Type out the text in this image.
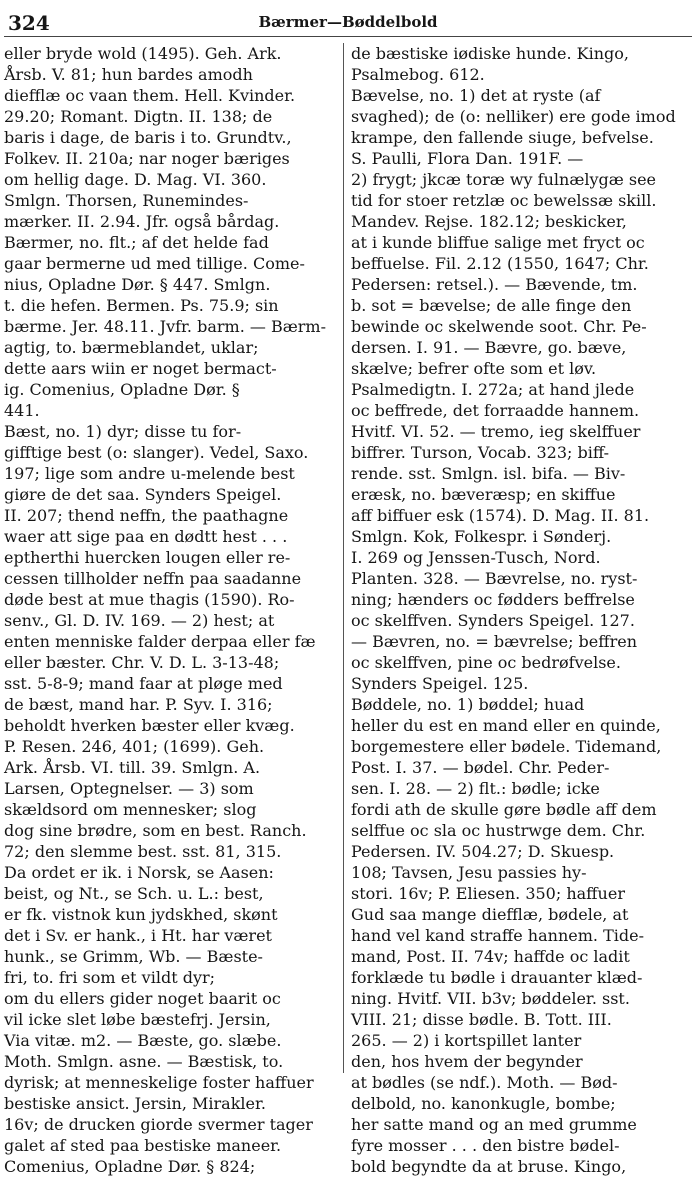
324	Bærmer—Bøddelbold
eller bryde wold (1495). Geh. Ark.
Årsb. V. 81; hun bardes amodh
diefflæ oc vaan them. Hell. Kvinder.
29.20; Romant. Digtn. II. 138; de
baris i dage, de baris i to. Grundtv.,
Folkev. II. 210a; nar noger bæriges
om hellig dage. D. Mag. VI. 360.
Smlgn. Thorsen, Runemindes-
mærker. II. 2.94. Jfr. også bårdag.
Bærmer, no. flt.; af det helde fad
gaar bermerne ud med tillige. Come-
nius, Opladne Dør. § 447. Smlgn.
t. die hefen. Bermen. Ps. 75.9; sin
bærme. Jer. 48.11. Jvfr. barm. — Bærm-
agtig, to. bærmeblandet, uklar;
dette aars wiin er noget bermact-
ig. Comenius, Opladne Dør. §
441.
Bæst, no. 1) dyr; disse tu for-
gifftige best (o: slanger). Vedel, Saxo.
197; lige som andre u-melende best
giøre de det saa. Synders Speigel.
II. 207; thend neffn, the paathagne
waer att sige paa en dødtt hest . . .
eptherthi huercken lougen eller re-
cessen tillholder neffn paa saadanne
døde best at mue thagis (1590). Ro-
senv., Gl. D. IV. 169. — 2) hest; at
enten menniske falder derpaa eller fæ
eller bæster. Chr. V. D. L. 3-13-48;
sst. 5-8-9; mand faar at pløge med
de bæst, mand har. P. Syv. I. 316;
beholdt hverken bæster eller kvæg.
P. Resen. 246, 401; (1699). Geh.
Ark. Årsb. VI. till. 39. Smlgn. A.
Larsen, Optegnelser. — 3) som
skældsord om mennesker; slog
dog sine brødre, som en best. Ranch.
72; den slemme best. sst. 81, 315.
Da ordet er ik. i Norsk, se Aasen:
beist, og Nt., se Sch. u. L.: best,
er fk. vistnok kun jydskhed, skønt
det i Sv. er hank., i Ht. har været
hunk., se Grimm, Wb. — Bæste-
fri, to. fri som et vildt dyr;
om du ellers gider noget baarit oc
vil icke slet løbe bæstefrj. Jersin,
Via vitæ. m2. — Bæste, go. slæbe.
Moth. Smlgn. asne. — Bæstisk, to.
dyrisk; at menneskelige foster haffuer
bestiske ansict. Jersin, Mirakler.
16v; de drucken giorde svermer tager
galet af sted paa bestiske maneer.
Comenius, Opladne Dør. § 824;
de bæstiske iødiske hunde. Kingo,
Psalmebog. 612.
Bævelse, no. 1) det at ryste (af
svaghed); de (o: nelliker) ere gode imod
krampe, den fallende siuge, befvelse.
S. Paulli, Flora Dan. 191F. —
2) frygt; jkcæ toræ wy fulnælygæ see
tid for stoer retzlæ oc bewelssæ skill.
Mandev. Rejse. 182.12; beskicker,
at i kunde bliffue salige met fryct oc
beffuelse. Fil. 2.12 (1550, 1647; Chr.
Pedersen: retsel.). — Bævende, tm.
b. sot = bævelse; de alle finge den
bewinde oc skelwende soot. Chr. Pe-
dersen. I. 91. — Bævre, go. bæve,
skælve; befrer ofte som et løv.
Psalmedigtn. I. 272a; at hand jlede
oc beffrede, det forraadde hannem.
Hvitf. VI. 52. — tremo, ieg skelffuer
biffrer. Turson, Vocab. 323; biff-
rende. sst. Smlgn. isl. bifa. — Biv-
eræsk, no. bæveræsp; en skiffue
aff biffuer esk (1574). D. Mag. II. 81.
Smlgn. Kok, Folkespr. i Sønderj.
I. 269 og Jenssen-Tusch, Nord.
Planten. 328. — Bævrelse, no. ryst-
ning; hænders oc fødders beffrelse
oc skelffven. Synders Speigel. 127.
— Bævren, no. = bævrelse; beffren
oc skelffven, pine oc bedrøfvelse.
Synders Speigel. 125.
Bøddele, no. 1) bøddel; huad
heller du est en mand eller en quinde,
borgemestere eller bødele. Tidemand,
Post. I. 37. — bødel. Chr. Peder-
sen. I. 28. — 2) flt.: bødle; icke
fordi ath de skulle gøre bødle aff dem
selffue oc sla oc hustrwge dem. Chr.
Pedersen. IV. 504.27; D. Skuesp.
108; Tavsen, Jesu passies hy-
stori. 16v; P. Eliesen. 350; haffuer
Gud saa mange diefflæ, bødele, at
hand vel kand straffe hannem. Tide-
mand, Post. II. 74v; haffde oc ladit
forklæde tu bødle i drauanter klæd-
ning. Hvitf. VII. b3v; bøddeler. sst.
VIII. 21; disse bødle. B. Tott. III.
265. — 2) i kortspillet lanter
den, hos hvem der begynder
at bødles (se ndf.). Moth. — Bød-
delbold, no. kanonkugle, bombe;
her satte mand og an med grumme
fyre mosser . . . den bistre bødel-
bold begyndte da at bruse. Kingo,
